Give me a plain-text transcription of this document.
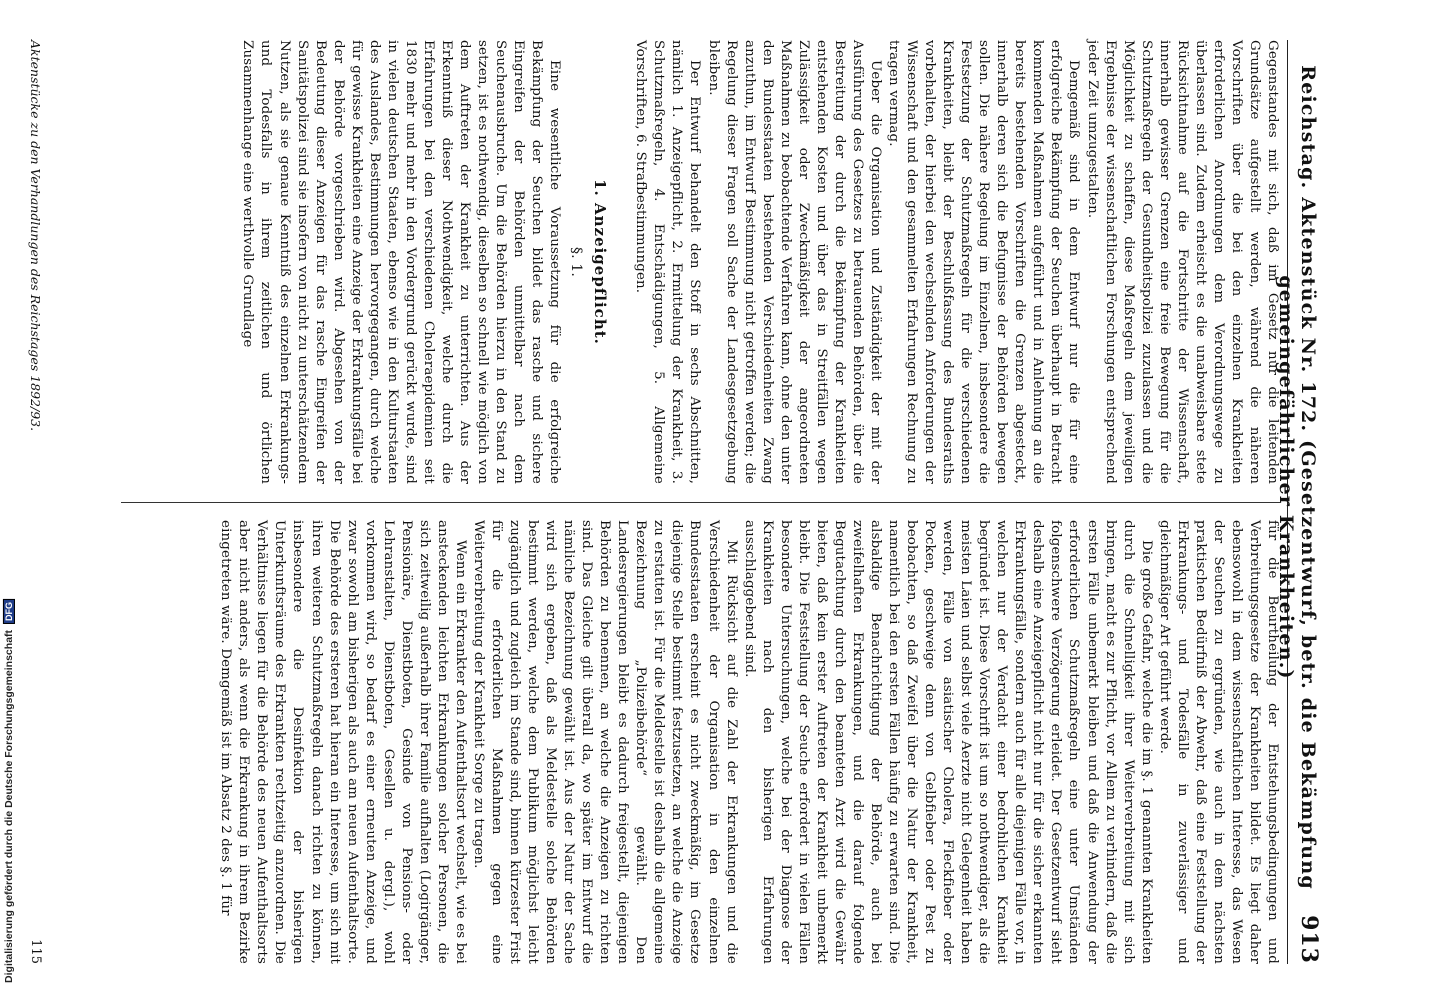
Reichstag. Aktenstück Nr. 172. (Gesetzentwurf, betr. die Bekämpfung gemeingefährlicher Krankheiten.)
913

Gegenstandes mit sich, daß im Gesetz nur die leitenden Grundsätze aufgestellt werden, während die näheren Vorschriften über die bei den einzelnen Krankheiten erforderlichen Anordnungen dem Verordnungswege zu überlassen sind. Zudem erheischt es die unabweisbare stete Rücksichtnahme auf die Fortschritte der Wissenschaft, innerhalb gewisser Grenzen eine freie Bewegung für die Schutzmaßregeln der Gesundheitspolizei zuzulassen und die Möglichkeit zu schaffen, diese Maßregeln dem jeweiligen Ergebnisse der wissenschaftlichen Forschungen entsprechend jeder Zeit umzugestalten.

Demgemäß sind in dem Entwurf nur die für eine erfolgreiche Bekämpfung der Seuchen überhaupt in Betracht kommenden Maßnahmen aufgeführt und in Anlehnung an die bereits bestehenden Vorschriften die Grenzen abgesteckt, innerhalb deren sich die Befugnisse der Behörden bewegen sollen. Die nähere Regelung im Einzelnen, insbesondere die Festsetzung der Schutzmaßregeln für die verschiedenen Krankheiten, bleibt der Beschlußfassung des Bundesraths vorbehalten, der hierbei den wechselnden Anforderungen der Wissenschaft und den gesammelten Erfahrungen Rechnung zu tragen vermag.

Ueber die Organisation und Zuständigkeit der mit der Ausführung des Gesetzes zu betrauenden Behörden, über die Bestreitung der durch die Bekämpfung der Krankheiten entstehenden Kosten und über das in Streitfällen wegen Zulässigkeit oder Zweckmäßigkeit der angeordneten Maßnahmen zu beobachtende Verfahren kann, ohne den unter den Bundesstaaten bestehenden Verschiedenheiten Zwang anzuthun, im Entwurf Bestimmung nicht getroffen werden; die Regelung dieser Fragen soll Sache der Landesgesetzgebung bleiben.

Der Entwurf behandelt den Stoff in sechs Abschnitten, nämlich 1. Anzeigepflicht, 2. Ermittelung der Krankheit, 3. Schutzmaßregeln, 4. Entschädigungen, 5. Allgemeine Vorschriften, 6. Strafbestimmungen.

1. Anzeigepflicht.
§. 1.

Eine wesentliche Voraussetzung für die erfolgreiche Bekämpfung der Seuchen bildet das rasche und sichere Eingreifen der Behörden unmittelbar nach dem Seuchenausbruche. Um die Behörden hierzu in den Stand zu setzen, ist es nothwendig, dieselben so schnell wie möglich von dem Auftreten der Krankheit zu unterrichten. Aus der Erkenntniß dieser Nothwendigkeit, welche durch die Erfahrungen bei den verschiedenen Choleraepidemien seit 1830 mehr und mehr in den Vordergrund gerückt wurde, sind in vielen deutschen Staaten, ebenso wie in den Kulturstaaten des Auslandes, Bestimmungen hervorgegangen, durch welche für gewisse Krankheiten eine Anzeige der Erkrankungsfälle bei der Behörde vorgeschrieben wird. Abgesehen von der Bedeutung dieser Anzeigen für das rasche Eingreifen der Sanitätspolizei sind sie insofern von nicht zu unterschätzendem Nutzen, als sie genaue Kenntniß des einzelnen Erkrankungs- und Todesfalls in ihrem zeitlichen und örtlichen Zusammenhange eine werthvolle Grundlage

für die Beurtheilung der Entstehungsbedingungen und Verbreitungsgesetze der Krankheiten bildet. Es liegt daher ebensowohl in dem wissenschaftlichen Interesse, das Wesen der Seuchen zu ergründen, wie auch in dem nächsten praktischen Bedürfniß der Abwehr, daß eine Feststellung der Erkrankungs- und Todesfälle in zuverlässiger und gleichmäßiger Art geführt werde.

Die große Gefahr, welche die im §. 1 genannten Krankheiten durch die Schnelligkeit ihrer Weiterverbreitung mit sich bringen, macht es zur Pflicht, vor Allem zu verhindern, daß die ersten Fälle unbemerkt bleiben und daß die Anwendung der erforderlichen Schutzmaßregeln eine unter Umständen folgenschwere Verzögerung erleidet. Der Gesetzentwurf sieht deshalb eine Anzeigepflicht nicht nur für die sicher erkannten Erkrankungsfälle, sondern auch für alle diejenigen Fälle vor, in welchen nur der Verdacht einer bedrohlichen Krankheit begründet ist. Diese Vorschrift ist um so nothwendiger, als die meisten Laien und selbst viele Aerzte nicht Gelegenheit haben werden, Fälle von asiatischer Cholera, Fleckfieber oder Pocken, geschweige denn von Gelbfieber oder Pest zu beobachten, so daß Zweifel über die Natur der Krankheit, namentlich bei den ersten Fällen häufig zu erwarten sind. Die alsbaldige Benachrichtigung der Behörde, auch bei zweifelhaften Erkrankungen, und die darauf folgende Begutachtung durch den beamteten Arzt wird die Gewähr bieten, daß kein erster Auftreten der Krankheit unbemerkt bleibt. Die Feststellung der Seuche erfordert in vielen Fällen besondere Untersuchungen, welche bei der Diagnose der Krankheiten nach den bisherigen Erfahrungen ausschlaggebend sind.

Mit Rücksicht auf die Zahl der Erkrankungen und die Verschiedenheit der Organisation in den einzelnen Bundesstaaten erscheint es nicht zweckmäßig, im Gesetze diejenige Stelle bestimmt festzusetzen, an welche die Anzeige zu erstatten ist. Für die Meldestelle ist deshalb die allgemeine Bezeichnung „Polizeibehörde“ gewählt. Den Landesregierungen bleibt es dadurch freigestellt, diejenigen Behörden zu benennen, an welche die Anzeigen zu richten sind. Das Gleiche gilt überall da, wo später im Entwurf die nämliche Bezeichnung gewählt ist. Aus der Natur der Sache wird sich ergeben, daß als Meldestelle solche Behörden bestimmt werden, welche dem Publikum möglichst leicht zugänglich und zugleich im Stande sind, binnen kürzester Frist für die erforderlichen Maßnahmen gegen eine Weiterverbreitung der Krankheit Sorge zu tragen.

Wenn ein Erkrankter den Aufenthaltsort wechselt, wie es bei ansteckenden leichten Erkrankungen solcher Personen, die sich zeitweilig außerhalb ihrer Familie aufhalten (Logirgänger, Pensionäre, Dienstboten, Gesinde von Pensions- oder Lehranstalten, Dienstboten, Gesellen u. dergl.), wohl vorkommen wird, so bedarf es einer erneuten Anzeige, und zwar sowohl am bisherigen als auch am neuen Aufenthaltsorte. Die Behörde des ersteren hat hieran ein Interesse, um sich mit ihren weiteren Schutzmaßregeln danach richten zu können, insbesondere die Desinfektion der bisherigen Unterkunftsräume des Erkrankten rechtzeitig anzuordnen. Die Verhältnisse liegen für die Behörde des neuen Aufenthaltsorts aber nicht anders, als wenn die Erkrankung in ihrem Bezirke eingetreten wäre. Demgemäß ist im Absatz 2 des §. 1 für

Aktenstücke zu den Verhandlungen des Reichstages 1892/93.
115
Digitalisierung gefördert durch die Deutsche Forschungsgemeinschaft DFG
